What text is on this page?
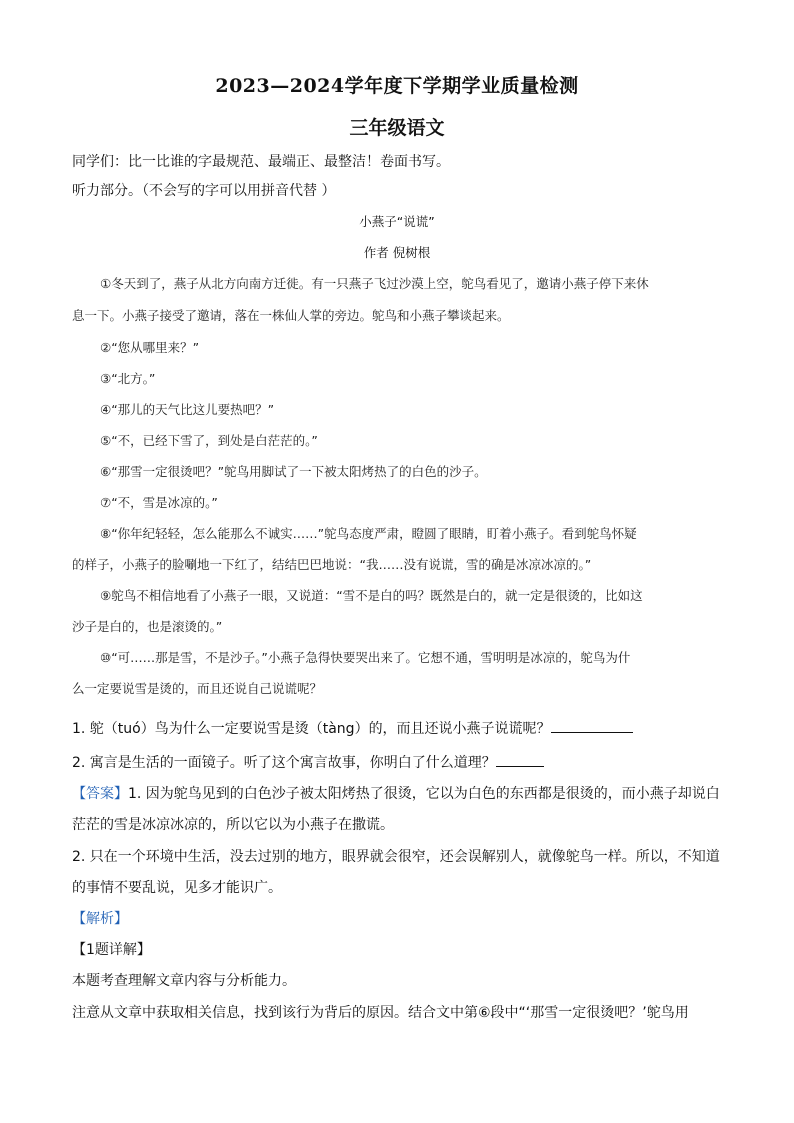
2023—2024学年度下学期学业质量检测
三年级语文
同学们：比一比谁的字最规范、最端正、最整洁！卷面书写。
听力部分。（不会写的字可以用拼音代替 ）
小燕子“说谎”
作者 倪树根
①冬天到了，燕子从北方向南方迁徙。有一只燕子飞过沙漠上空，鸵鸟看见了，邀请小燕子停下来休
息一下。小燕子接受了邀请，落在一株仙人掌的旁边。鸵鸟和小燕子攀谈起来。
②“您从哪里来？”
③“北方。”
④“那儿的天气比这儿要热吧？”
⑤“不，已经下雪了，到处是白茫茫的。”
⑥“那雪一定很烫吧？”鸵鸟用脚试了一下被太阳烤热了的白色的沙子。
⑦“不，雪是冰凉的。”
⑧“你年纪轻轻，怎么能那么不诚实……”鸵鸟态度严肃，瞪圆了眼睛，盯着小燕子。看到鸵鸟怀疑
的样子，小燕子的脸唰地一下红了，结结巴巴地说：“我……没有说谎，雪的确是冰凉冰凉的。”
⑨鸵鸟不相信地看了小燕子一眼，又说道：“雪不是白的吗？既然是白的，就一定是很烫的，比如这
沙子是白的，也是滚烫的。”
⑩“可……那是雪，不是沙子。”小燕子急得快要哭出来了。它想不通，雪明明是冰凉的，鸵鸟为什
么一定要说雪是烫的，而且还说自己说谎呢？
1. 鸵（tuó）鸟为什么一定要说雪是烫（tàng）的，而且还说小燕子说谎呢？
2. 寓言是生活的一面镜子。听了这个寓言故事，你明白了什么道理？
【答案】1. 因为鸵鸟见到的白色沙子被太阳烤热了很烫，它以为白色的东西都是很烫的，而小燕子却说白
茫茫的雪是冰凉冰凉的，所以它以为小燕子在撒谎。
2. 只在一个环境中生活，没去过别的地方，眼界就会很窄，还会误解别人，就像鸵鸟一样。所以，不知道
的事情不要乱说，见多才能识广。
【解析】
【1题详解】
本题考查理解文章内容与分析能力。
注意从文章中获取相关信息，找到该行为背后的原因。结合文中第⑥段中“‘那雪一定很烫吧？’鸵鸟用
